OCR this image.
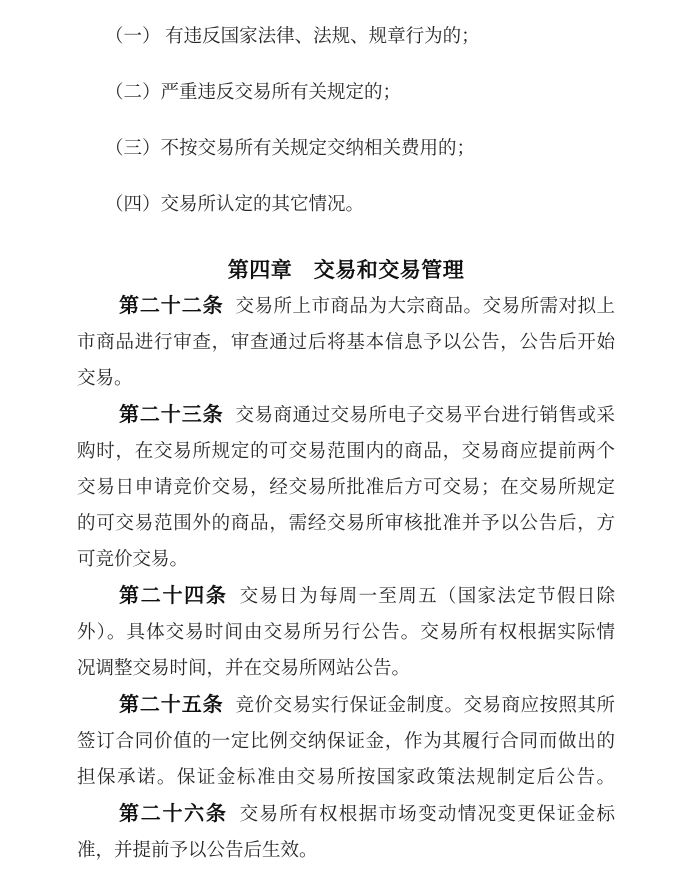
（一） 有违反国家法律、法规、规章行为的；

（二）严重违反交易所有关规定的；

（三）不按交易所有关规定交纳相关费用的；

（四）交易所认定的其它情况。

第四章　交易和交易管理

第二十二条 交易所上市商品为大宗商品。交易所需对拟上

市商品进行审查，审查通过后将基本信息予以公告，公告后开始

交易。

第二十三条 交易商通过交易所电子交易平台进行销售或采

购时，在交易所规定的可交易范围内的商品，交易商应提前两个

交易日申请竞价交易，经交易所批准后方可交易；在交易所规定

的可交易范围外的商品，需经交易所审核批准并予以公告后，方

可竞价交易。

第二十四条 交易日为每周一至周五（国家法定节假日除

外）。具体交易时间由交易所另行公告。交易所有权根据实际情

况调整交易时间，并在交易所网站公告。

第二十五条 竞价交易实行保证金制度。交易商应按照其所

签订合同价值的一定比例交纳保证金，作为其履行合同而做出的

担保承诺。保证金标准由交易所按国家政策法规制定后公告。

第二十六条 交易所有权根据市场变动情况变更保证金标

准，并提前予以公告后生效。
